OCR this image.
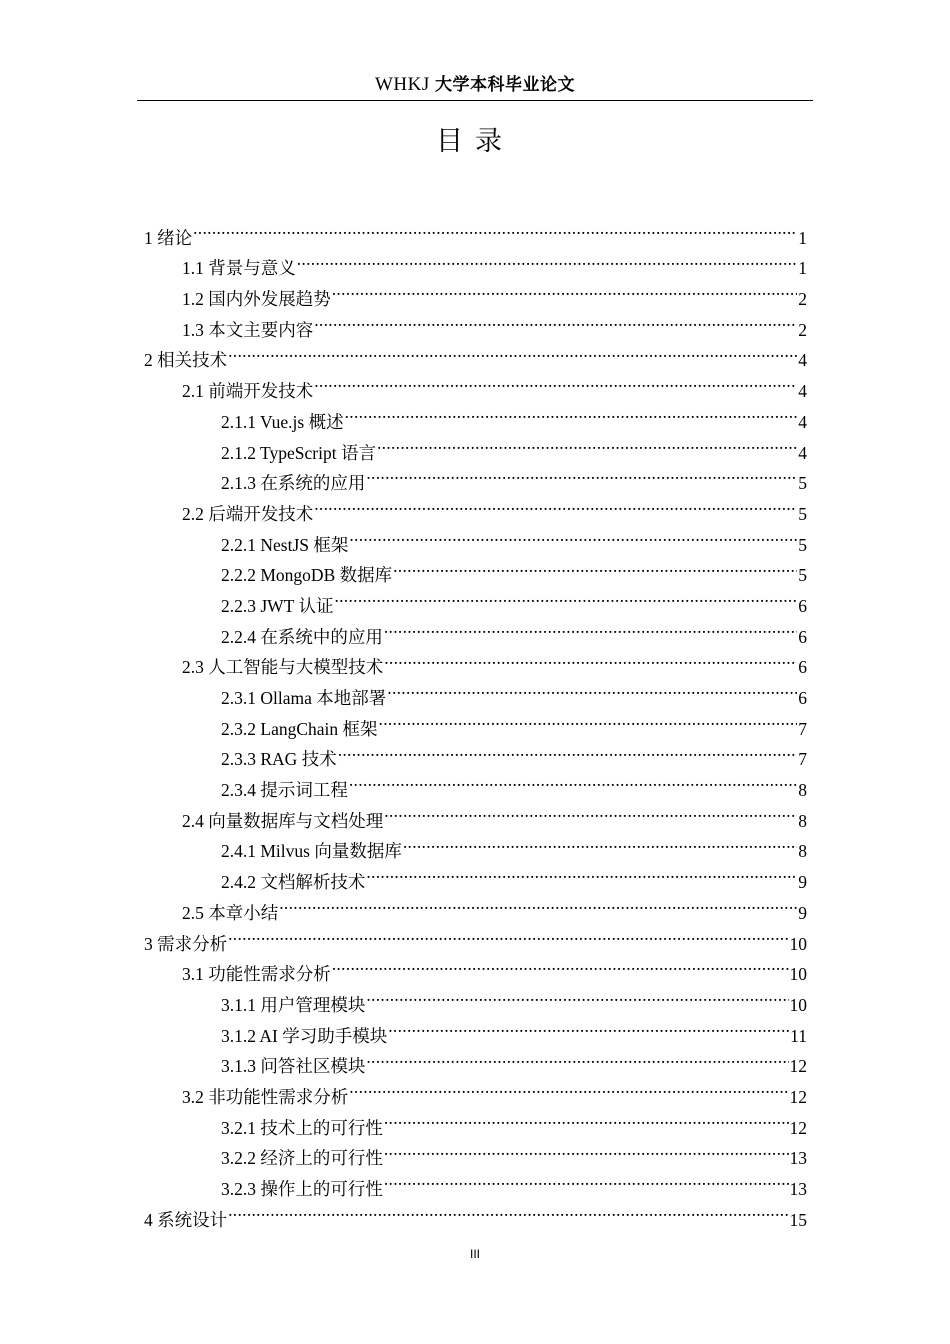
WHKJ 大学本科毕业论文
目录
1 绪论 .....	1
1.1 背景与意义 .....	1
1.2 国内外发展趋势 .....	2
1.3 本文主要内容 .....	2
2 相关技术 .....	4
2.1 前端开发技术 .....	4
2.1.1 Vue.js 概述 .....	4
2.1.2 TypeScript 语言 .....	4
2.1.3 在系统的应用 .....	5
2.2 后端开发技术 .....	5
2.2.1 NestJS 框架 .....	5
2.2.2 MongoDB 数据库 .....	5
2.2.3 JWT 认证 .....	6
2.2.4 在系统中的应用 .....	6
2.3 人工智能与大模型技术 .....	6
2.3.1 Ollama 本地部署 .....	6
2.3.2 LangChain 框架 .....	7
2.3.3 RAG 技术 .....	7
2.3.4 提示词工程 .....	8
2.4 向量数据库与文档处理 .....	8
2.4.1 Milvus 向量数据库 .....	8
2.4.2 文档解析技术 .....	9
2.5 本章小结 .....	9
3 需求分析 .....	10
3.1 功能性需求分析 .....	10
3.1.1 用户管理模块 .....	10
3.1.2 AI 学习助手模块 .....	11
3.1.3 问答社区模块 .....	12
3.2 非功能性需求分析 .....	12
3.2.1 技术上的可行性 .....	12
3.2.2 经济上的可行性 .....	13
3.2.3 操作上的可行性 .....	13
4 系统设计 .....	15
III
